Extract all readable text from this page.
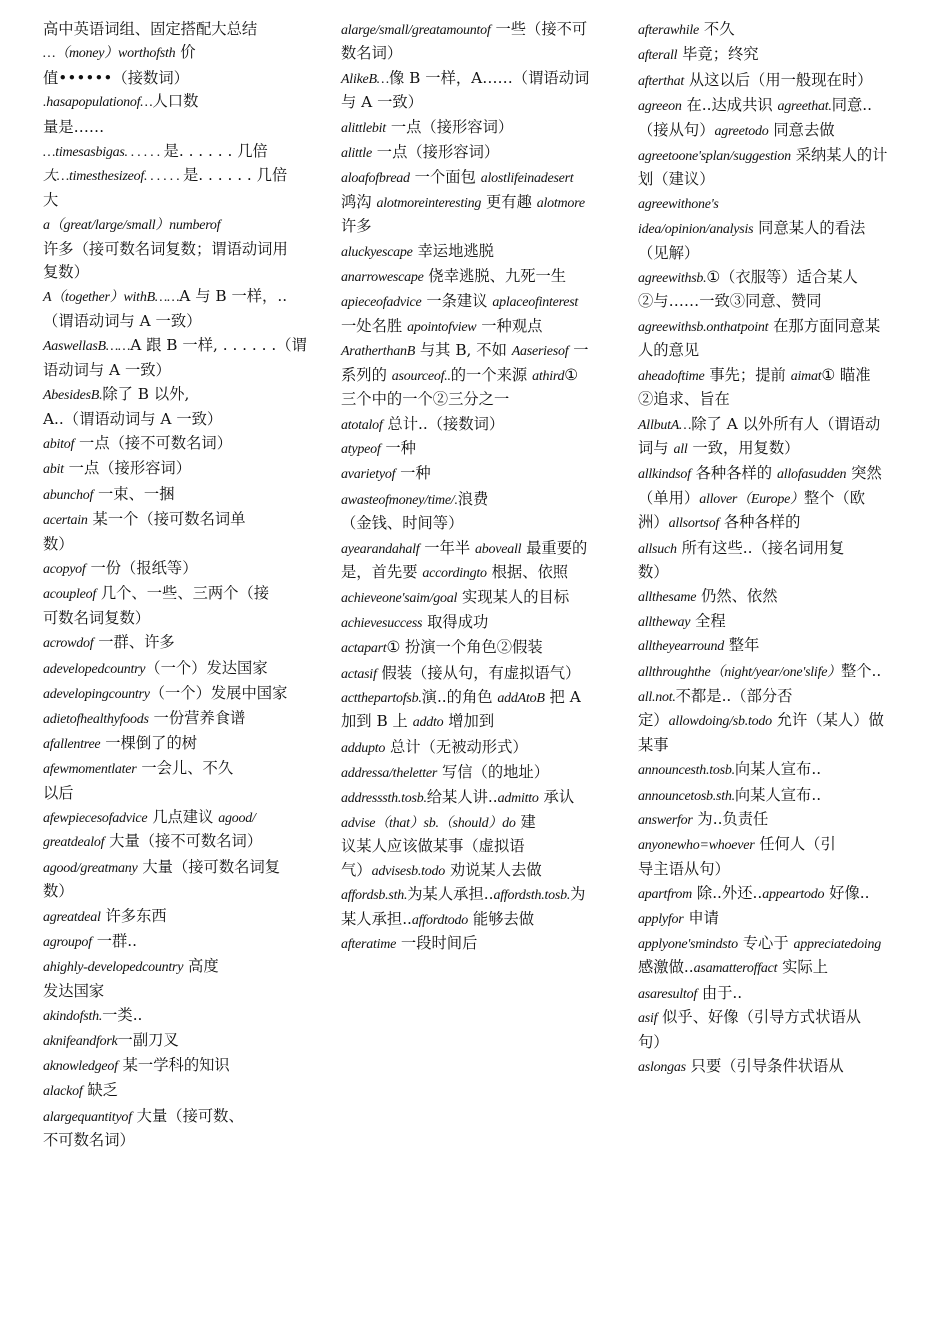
高中英语词组、固定搭配大总结
…（money）worthofsth 价
值••••••（接数词）
.hasapopulationof…人口数
量是……
…timesasbigas. . . . . . 是. . . . . . 几倍
大…timesthesizeof. . . . . . 是. . . . . . 几倍
大
a（great/large/small）numberof
许多（接可数名词复数；谓语动词用
复数）
A（together）withB……A 与 B 一样，..
（谓语动词与 A 一致）
AaswellasB……A 跟 B 一样, . . . . . .（谓
语动词与 A 一致）
AbesidesB.除了 B 以外,
A..（谓语动词与 A 一致）
abitof 一点（接不可数名词）
abit 一点（接形容词）
abunchof 一束、一捆
acertain 某一个（接可数名词单
数）
acopyof 一份（报纸等）
acoupleof 几个、一些、三两个（接
可数名词复数）
acrowdof 一群、许多
adevelopedcountry（一个）发达国家
adevelopingcountry（一个）发展中国家
adietofhealthyfoods 一份营养食谱
afallentree 一棵倒了的树
afewmomentlater 一会儿、不久
以后
afewpiecesofadvice 几点建议 agood/
greatdealof 大量（接不可数名词）
agood/greatmany 大量（接可数名词复
数）
agreatdeal 许多东西
agroupof 一群..
ahighly-developedcountry 高度
发达国家
akindofsth.一类..
aknifeandfork一副刀叉
aknowledgeof 某一学科的知识
alackof 缺乏
alargequantityof 大量（接可数、
不可数名词）
alarge/small/greatamountof 一些（接不可
数名词）
AlikeB…像 B 一样，A……（谓语动词
与 A 一致）
alittlebit 一点（接形容词）
alittle 一点（接形容词）
aloafofbread 一个面包 alostlifeinadesert
鸿沟 alotmoreinteresting 更有趣 alotmore
许多
aluckyescape 幸运地逃脱
anarrowescape 侥幸逃脱、九死一生
apieceofadvice 一条建议 aplaceofinterest
一处名胜 apointofview 一种观点
AratherthanB 与其 B, 不如 Aaseriesof 一
系列的 asourceof..的一个来源 athird①
三个中的一个②三分之一
atotalof 总计..（接数词）
atypeof 一种
avarietyof 一种
awasteofmoney/time/.浪费
（金钱、时间等）
ayearandahalf 一年半 aboveall 最重要的
是，首先要 accordingto 根据、依照
achieveone'saim/goal 实现某人的目标
achievesuccess 取得成功
actapart① 扮演一个角色②假装
actasif 假装（接从句，有虚拟语气）
actthepartofsb.演..的角色 addAtoB 把 A
加到 B 上 addto 增加到
addupto 总计（无被动形式）
addressa/theletter 写信（的地址）
addresssth.tosb.给某人讲..admitto 承认
advise（that）sb.（should）do 建
议某人应该做某事（虚拟语
气）advisesb.todo 劝说某人去做
affordsb.sth.为某人承担..affordsth.tosb.为
某人承担..affordtodo 能够去做
afteratime 一段时间后
afterawhile 不久
afterall 毕竟；终究
afterthat 从这以后（用一般现在时）
agreeon 在..达成共识 agreethat.同意..
（接从句）agreetodo 同意去做
agreetoone'splan/suggestion 采纳某人的计
划（建议）
agreewithone's
idea/opinion/analysis 同意某人的看法
（见解）
agreewithsb.①（衣服等）适合某人
②与……一致③同意、赞同
agreewithsb.onthatpoint 在那方面同意某
人的意见
aheadoftime 事先；提前 aimat① 瞄准
②追求、旨在
AllbutA…除了 A 以外所有人（谓语动
词与 all 一致，用复数）
allkindsof 各种各样的 allofasudden 突然
（单用）allover（Europe）整个（欧
洲）allsortsof 各种各样的
allsuch 所有这些..（接名词用复
数）
allthesame 仍然、依然
alltheway 全程
alltheyearround 整年
allthroughthe（night/year/one'slife）整个..
all.not.不都是..（部分否
定）allowdoing/sb.todo 允许（某人）做
某事
announcesth.tosb.向某人宣布..
announcetosb.sth.向某人宣布..
answerfor 为..负责任
anyonewho=whoever 任何人（引
导主语从句）
apartfrom 除..外还..appeartodo 好像..
applyfor 申请
applyone'smindsto 专心于 appreciatedoing
感激做..asamatteroffact 实际上
asaresultof 由于..
asif 似乎、好像（引导方式状语从
句）
aslongas 只要（引导条件状语从
